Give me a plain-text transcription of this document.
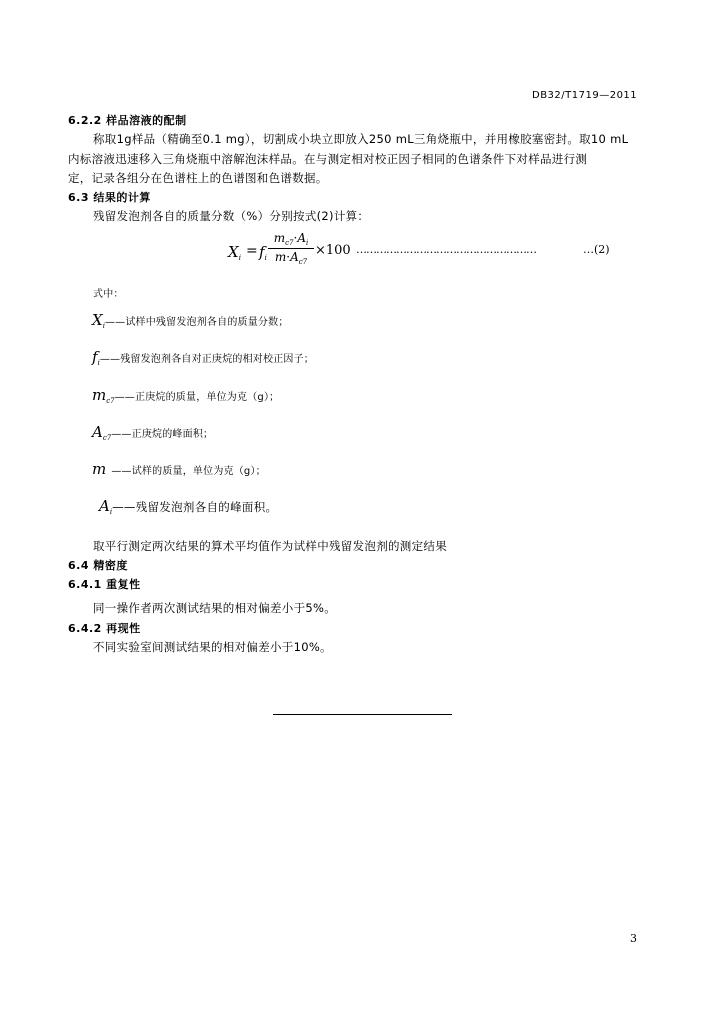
DB32/T1719—2011
6.2.2 样品溶液的配制
称取1g样品（精确至0.1 mg），切割成小块立即放入250 mL三角烧瓶中，并用橡胶塞密封。取10 mL
内标溶液迅速移入三角烧瓶中溶解泡沫样品。在与测定相对校正因子相同的色谱条件下对样品进行测
定，记录各组分在色谱柱上的色谱图和色谱数据。
6.3 结果的计算
残留发泡剂各自的质量分数（%）分别按式(2)计算：
$X_i = f_i$
$m_{c7}\cdot A_i$
$m\cdot A_{c7}$
×100 ………………………………………………	…(2)
式中：
$X_i——$试样中残留发泡剂各自的质量分数；
$f_i——$残留发泡剂各自对正庚烷的相对校正因子；
$m_{c7}——$正庚烷的质量，单位为克（g）；
$A_{c7}——$正庚烷的峰面积；
m ——试样的质量，单位为克（g）；
$A_i——$残留发泡剂各自的峰面积。
取平行测定两次结果的算术平均值作为试样中残留发泡剂的测定结果
6.4 精密度
6.4.1 重复性
同一操作者两次测试结果的相对偏差小于5%。
6.4.2 再现性
不同实验室间测试结果的相对偏差小于10%。
3
